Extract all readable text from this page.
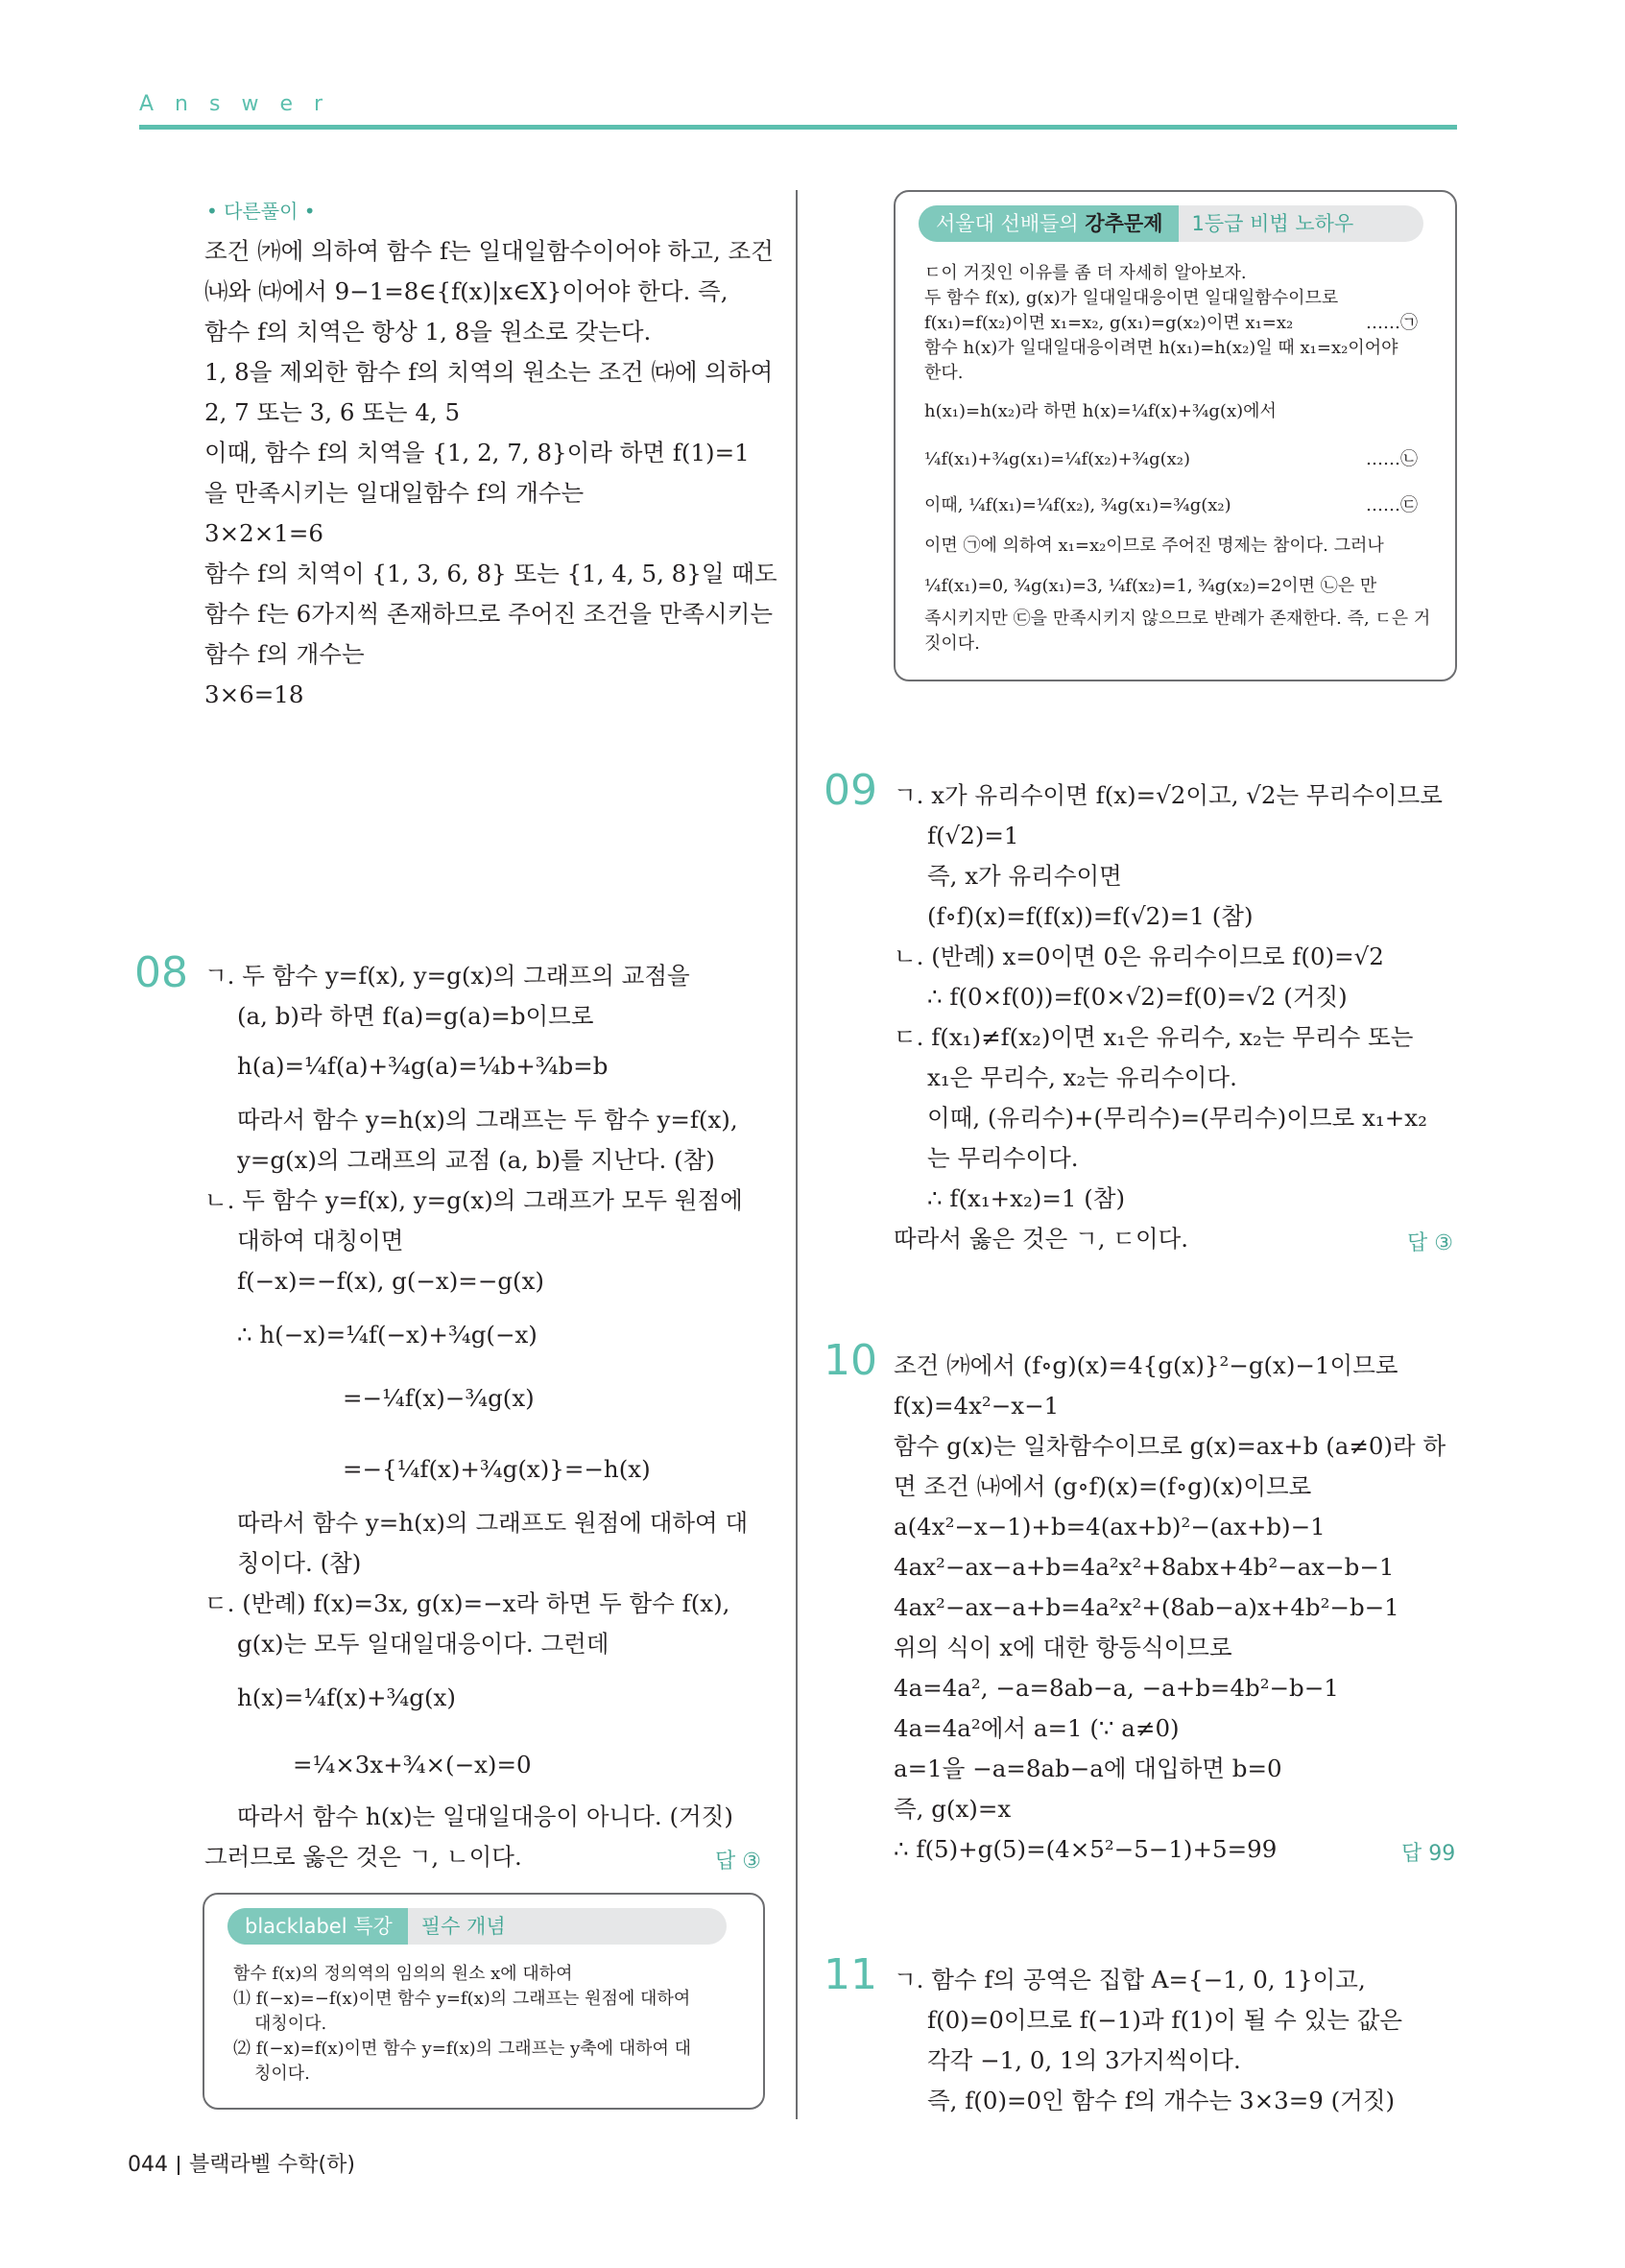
Answer
• 다른풀이 •
조건 ㈎에 의하여 함수 f는 일대일함수이어야 하고, 조건
㈏와 ㈐에서 9−1=8∈{f(x)|x∈X}이어야 한다. 즉,
함수 f의 치역은 항상 1, 8을 원소로 갖는다.
1, 8을 제외한 함수 f의 치역의 원소는 조건 ㈐에 의하여
2, 7 또는 3, 6 또는 4, 5
이때, 함수 f의 치역을 {1, 2, 7, 8}이라 하면 f(1)=1
을 만족시키는 일대일함수 f의 개수는
3×2×1=6
함수 f의 치역이 {1, 3, 6, 8} 또는 {1, 4, 5, 8}일 때도
함수 f는 6가지씩 존재하므로 주어진 조건을 만족시키는
함수 f의 개수는
3×6=18
08 ㄱ. 두 함수 y=f(x), y=g(x)의 그래프의 교점을
(a, b)라 하면 f(a)=g(a)=b이므로
h(a)=¼f(a)+¾g(a)=¼b+¾b=b
따라서 함수 y=h(x)의 그래프는 두 함수 y=f(x),
y=g(x)의 그래프의 교점 (a, b)를 지난다. (참)
ㄴ. 두 함수 y=f(x), y=g(x)의 그래프가 모두 원점에
대하여 대칭이면
f(−x)=−f(x), g(−x)=−g(x)
∴ h(−x)=¼f(−x)+¾g(−x)
=−¼f(x)−¾g(x)
=−{¼f(x)+¾g(x)}=−h(x)
따라서 함수 y=h(x)의 그래프도 원점에 대하여 대
칭이다. (참)
ㄷ. (반례) f(x)=3x, g(x)=−x라 하면 두 함수 f(x),
g(x)는 모두 일대일대응이다. 그런데
h(x)=¼f(x)+¾g(x)
=¼×3x+¾×(−x)=0
따라서 함수 h(x)는 일대일대응이 아니다. (거짓)
그러므로 옳은 것은 ㄱ, ㄴ이다.	답 ③
blacklabel 특강 필수 개념
함수 f(x)의 정의역의 임의의 원소 x에 대하여
⑴ f(−x)=−f(x)이면 함수 y=f(x)의 그래프는 원점에 대하여
대칭이다.
⑵ f(−x)=f(x)이면 함수 y=f(x)의 그래프는 y축에 대하여 대
칭이다.
서울대 선배들의 강추문제 1등급 비법 노하우
ㄷ이 거짓인 이유를 좀 더 자세히 알아보자.
두 함수 f(x), g(x)가 일대일대응이면 일대일함수이므로
f(x₁)=f(x₂)이면 x₁=x₂, g(x₁)=g(x₂)이면 x₁=x₂
함수 h(x)가 일대일대응이려면 h(x₁)=h(x₂)일 때 x₁=x₂이어야
한다.
h(x₁)=h(x₂)라 하면 h(x)=¼f(x)+¾g(x)에서
¼f(x₁)+¾g(x₁)=¼f(x₂)+¾g(x₂)
이때, ¼f(x₁)=¼f(x₂), ¾g(x₁)=¾g(x₂)
이면 ㉠에 의하여 x₁=x₂이므로 주어진 명제는 참이다. 그러나
¼f(x₁)=0, ¾g(x₁)=3, ¼f(x₂)=1, ¾g(x₂)=2이면 ㉡은 만
족시키지만 ㉢을 만족시키지 않으므로 반례가 존재한다. 즉, ㄷ은 거
짓이다.
……㉠
……㉡
……㉢
09 ㄱ. x가 유리수이면 f(x)=√2이고, √2는 무리수이므로
f(√2)=1
즉, x가 유리수이면
(f∘f)(x)=f(f(x))=f(√2)=1 (참)
ㄴ. (반례) x=0이면 0은 유리수이므로 f(0)=√2
∴ f(0×f(0))=f(0×√2)=f(0)=√2 (거짓)
ㄷ. f(x₁)≠f(x₂)이면 x₁은 유리수, x₂는 무리수 또는
x₁은 무리수, x₂는 유리수이다.
이때, (유리수)+(무리수)=(무리수)이므로 x₁+x₂
는 무리수이다.
∴ f(x₁+x₂)=1 (참)
따라서 옳은 것은 ㄱ, ㄷ이다.	답 ③
10 조건 ㈎에서 (f∘g)(x)=4{g(x)}²−g(x)−1이므로
f(x)=4x²−x−1
함수 g(x)는 일차함수이므로 g(x)=ax+b (a≠0)라 하
면 조건 ㈏에서 (g∘f)(x)=(f∘g)(x)이므로
a(4x²−x−1)+b=4(ax+b)²−(ax+b)−1
4ax²−ax−a+b=4a²x²+8abx+4b²−ax−b−1
4ax²−ax−a+b=4a²x²+(8ab−a)x+4b²−b−1
위의 식이 x에 대한 항등식이므로
4a=4a², −a=8ab−a, −a+b=4b²−b−1
4a=4a²에서 a=1 (∵ a≠0)
a=1을 −a=8ab−a에 대입하면 b=0
즉, g(x)=x
∴ f(5)+g(5)=(4×5²−5−1)+5=99	답 99
11 ㄱ. 함수 f의 공역은 집합 A={−1, 0, 1}이고,
f(0)=0이므로 f(−1)과 f(1)이 될 수 있는 값은
각각 −1, 0, 1의 3가지씩이다.
즉, f(0)=0인 함수 f의 개수는 3×3=9 (거짓)
044 블랙라벨 수학(하)
